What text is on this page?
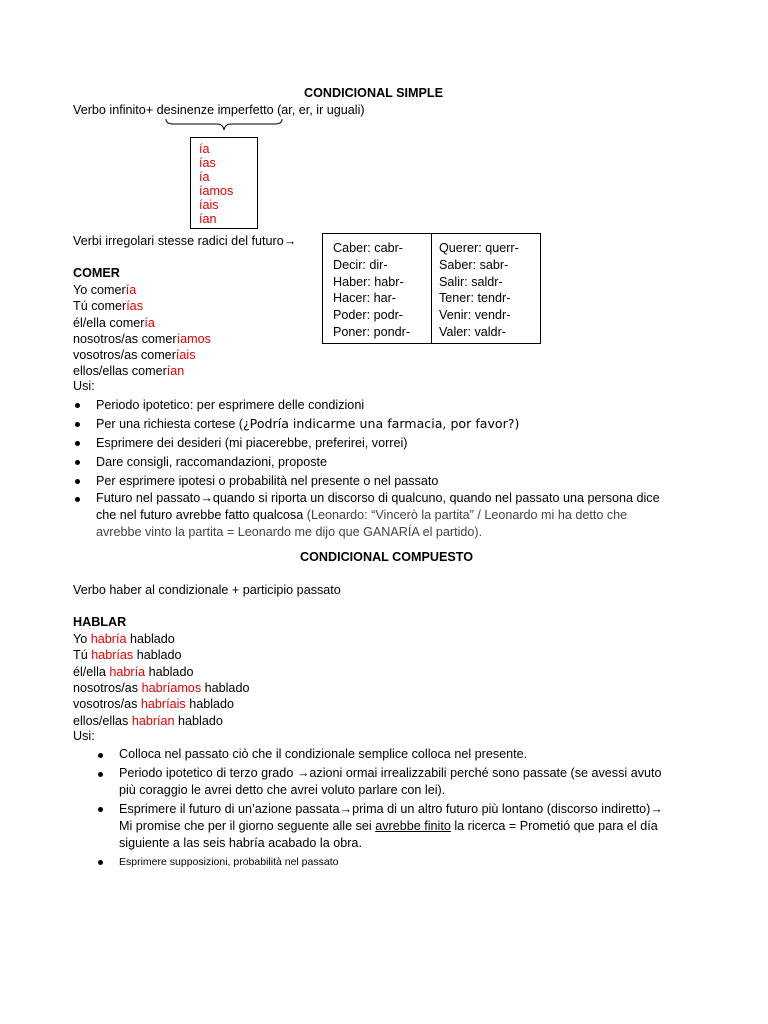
CONDICIONAL SIMPLE
Verbo infinito+ desinenze imperfetto (ar, er, ir uguali)
ía
ías
ía
íamos
íais
ían
Verbi irregolari stesse radici del futuro→	Caber: cabr-
Decir: dir-
Haber: habr-
Hacer: har-
Poder: podr-
Poner: pondr-
Querer: querr-
Saber: sabr-
Salir: saldr-
Tener: tendr-
Venir: vendr-
Valer: valdr-
COMER
Yo comería
Tú comerías
él/ella comería
nosotros/as comeríamos
vosotros/as comeríais
ellos/ellas comerían
Usi:
Periodo ipotetico: per esprimere delle condizioni
Per una richiesta cortese (¿Podría indicarme una farmacia, por favor?)
Esprimere dei desideri (mi piacerebbe, preferirei, vorrei)
Dare consigli, raccomandazioni, proposte
Per esprimere ipotesi o probabilità nel presente o nel passato
Futuro nel passato→quando si riporta un discorso di qualcuno, quando nel passato una persona dice
che nel futuro avrebbe fatto qualcosa (Leonardo: “Vincerò la partita” / Leonardo mi ha detto che
avrebbe vinto la partita = Leonardo me dijo que GANARÍA el partido).
CONDICIONAL COMPUESTO
Verbo haber al condizionale + participio passato
HABLAR
Yo habría hablado
Tú habrías hablado
él/ella habría hablado
nosotros/as habríamos hablado
vosotros/as habríais hablado
ellos/ellas habrían hablado
Usi:
Colloca nel passato ciò che il condizionale semplice colloca nel presente.
Periodo ipotetico di terzo grado →azioni ormai irrealizzabili perché sono passate (se avessi avuto
più coraggio le avrei detto che avrei voluto parlare con lei).
Esprimere il futuro di un’azione passata→prima di un altro futuro più lontano (discorso indiretto)→
Mi promise che per il giorno seguente alle sei avrebbe finito la ricerca = Prometió que para el día
siguiente a las seis habría acabado la obra.
Esprimere supposizioni, probabilità nel passato
